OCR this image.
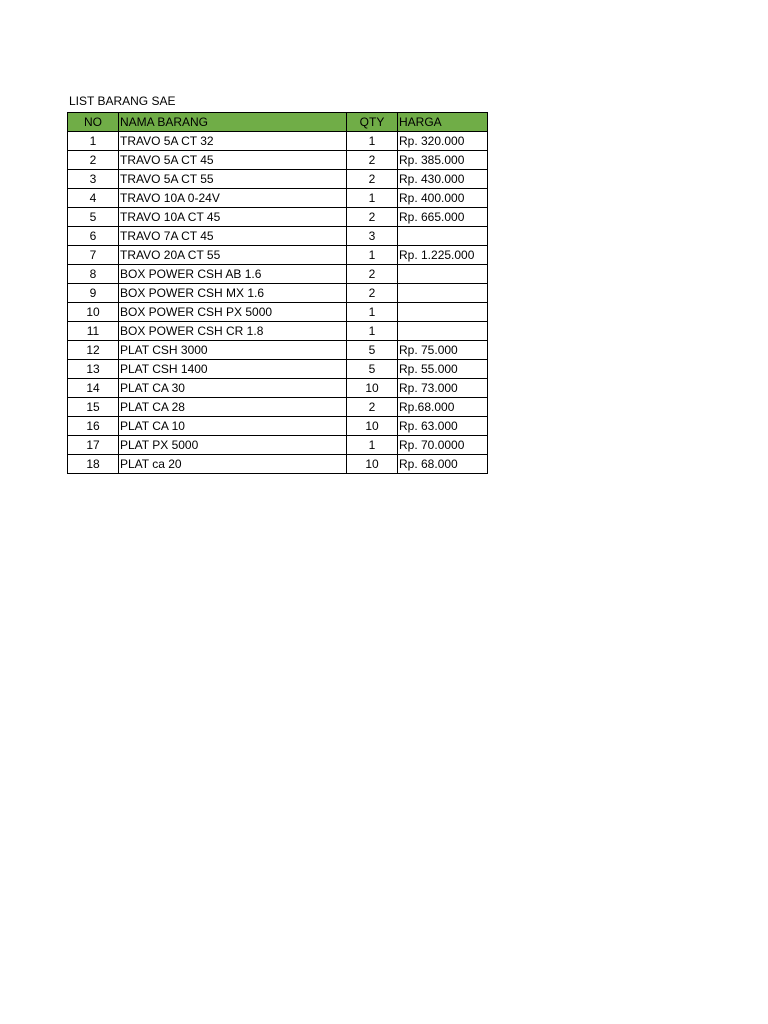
LIST BARANG SAE
NO	NAMA BARANG	QTY	HARGA
1	TRAVO 5A CT 32	1	Rp. 320.000
2	TRAVO 5A CT 45	2	Rp. 385.000
3	TRAVO 5A CT 55	2	Rp. 430.000
4	TRAVO 10A 0-24V	1	Rp. 400.000
5	TRAVO 10A CT 45	2	Rp. 665.000
6	TRAVO 7A CT 45	3	
7	TRAVO 20A CT 55	1	Rp. 1.225.000
8	BOX POWER CSH AB 1.6	2	
9	BOX POWER CSH MX 1.6	2	
10	BOX POWER CSH PX 5000	1	
11	BOX POWER CSH CR 1.8	1	
12	PLAT CSH 3000	5	Rp. 75.000
13	PLAT CSH 1400	5	Rp. 55.000
14	PLAT CA 30	10	Rp. 73.000
15	PLAT CA 28	2	Rp.68.000
16	PLAT CA 10	10	Rp. 63.000
17	PLAT PX 5000	1	Rp. 70.0000
18	PLAT ca 20	10	Rp. 68.000
